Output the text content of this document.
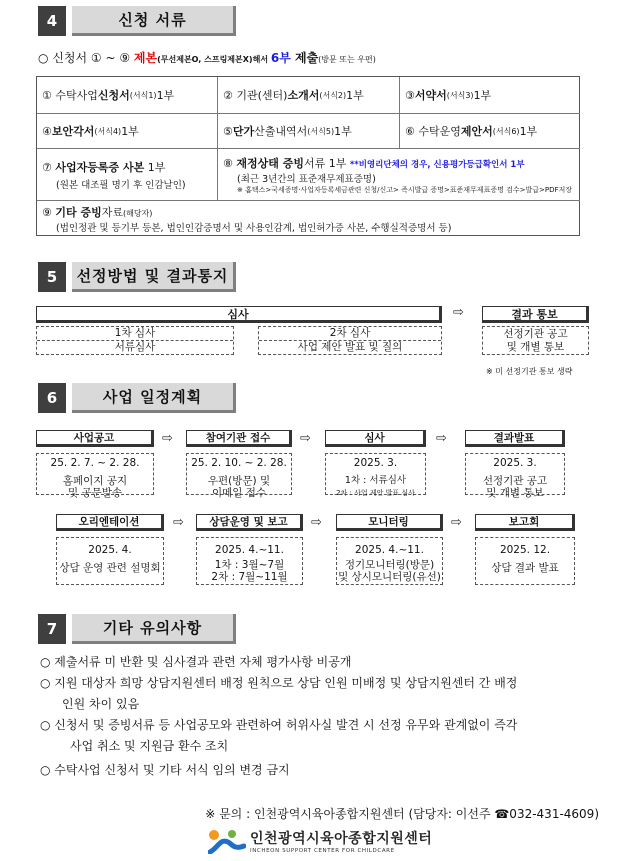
4	신청 서류
○ 신청서 ① ~ ⑨ 제본(무선제본O, 스프링제본X)해서 6부 제출(방문 또는 우편)
① 수탁사업 신청서 (서식1) 1부	② 기관(센터) 소개서 (서식2) 1부	③ 서약서 (서식3) 1부
④ 보안각서 (서식4) 1부	⑤ 단가 산출내역서 (서식5) 1부	⑥ 수탁운영 제안서 (서식6) 1부
⑦ 사업자등록증 사본 1부
(원본 대조필 명기 후 인감날인)
⑧ 재정상태 증빙서류 1부 **비영리단체의 경우, 신용평가등급확인서 1부
(최근 3년간의 표준재무제표증명)
※ 홈택스>국세증명·사업자등록세금관련 신청/신고> 즉시발급 증명>표준재무제표증명 검수>발급>PDF저장
⑨ 기타 증빙자료(해당자)
(법인정관 및 등기부 등본, 법인인감증명서 및 사용인감계, 법인허가증 사본, 수행실적증명서 등)
5	선정방법 및 결과통지
심사	⇨	결과 통보
1차 심사
서류심사
2차 심사
사업 제안 발표 및 질의
선정기관 공고
및 개별 통보
※ 미 선정기관 통보 생략
6	사업 일정계획
사업공고	⇨	참여기관 접수	⇨	심사	⇨	결과발표
25. 2. 7. ~ 2. 28.
홈페이지 공지
및 공문발송
25. 2. 10. ~ 2. 28.
우편(방문) 및
이메일 접수
2025. 3.
1차 : 서류심사
2차 : 사업 제안 발표 심사
2025. 3.
선정기관 공고
및 개별 통보
오리엔테이션	⇨	상담운영 및 보고	⇨	모니터링	⇨	보고회
2025. 4.
상담 운영 관련 설명회
2025. 4.~11.
1차 : 3월~7월
2차 : 7월~11월
2025. 4.~11.
정기모니터링(방문)
및 상시모니터링(유선)
2025. 12.
상담 결과 발표
7	기타 유의사항
○ 제출서류 미 반환 및 심사결과 관련 자체 평가사항 비공개
○ 지원 대상자 희망 상담지원센터 배정 원칙으로 상담 인원 미배정 및 상담지원센터 간 배정
인원 차이 있음
○ 신청서 및 증빙서류 등 사업공모와 관련하여 허위사실 발견 시 선정 유무와 관계없이 즉각
사업 취소 및 지원금 환수 조치
○ 수탁사업 신청서 및 기타 서식 임의 변경 금지
※ 문의 : 인천광역시육아종합지원센터 (담당자: 이선주 ☎032-431-4609)
인천광역시육아종합지원센터
INCHEON SUPPORT CENTER FOR CHILDCARE
